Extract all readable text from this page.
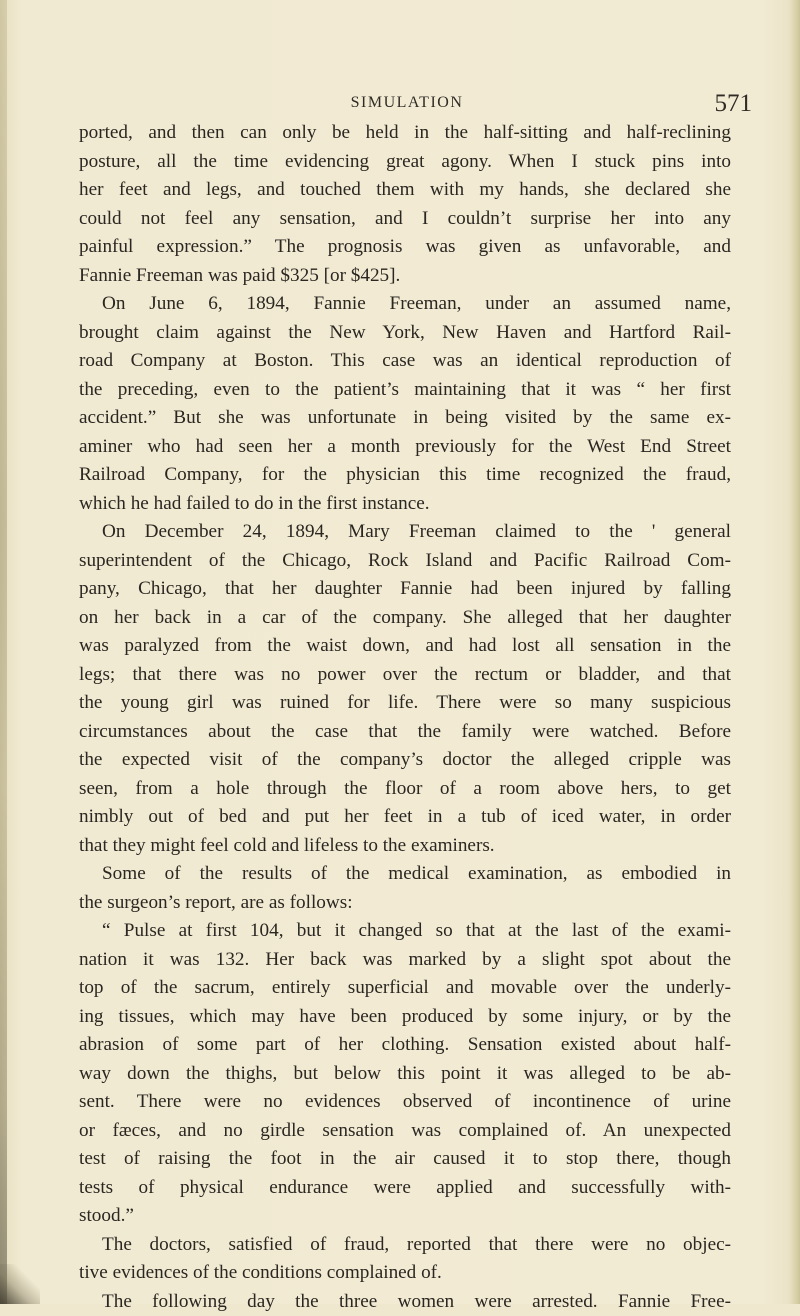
SIMULATION	571
ported, and then can only be held in the half-sitting and half-reclining
posture, all the time evidencing great agony. When I stuck pins into
her feet and legs, and touched them with my hands, she declared she
could not feel any sensation, and I couldn’t surprise her into any
painful expression.” The prognosis was given as unfavorable, and
Fannie Freeman was paid $325 [or $425].
On June 6, 1894, Fannie Freeman, under an assumed name,
brought claim against the New York, New Haven and Hartford Rail-
road Company at Boston. This case was an identical reproduction of
the preceding, even to the patient’s maintaining that it was “ her first
accident.” But she was unfortunate in being visited by the same ex-
aminer who had seen her a month previously for the West End Street
Railroad Company, for the physician this time recognized the fraud,
which he had failed to do in the first instance.
On December 24, 1894, Mary Freeman claimed to the ' general
superintendent of the Chicago, Rock Island and Pacific Railroad Com-
pany, Chicago, that her daughter Fannie had been injured by falling
on her back in a car of the company. She alleged that her daughter
was paralyzed from the waist down, and had lost all sensation in the
legs; that there was no power over the rectum or bladder, and that
the young girl was ruined for life. There were so many suspicious
circumstances about the case that the family were watched. Before
the expected visit of the company’s doctor the alleged cripple was
seen, from a hole through the floor of a room above hers, to get
nimbly out of bed and put her feet in a tub of iced water, in order
that they might feel cold and lifeless to the examiners.
Some of the results of the medical examination, as embodied in
the surgeon’s report, are as follows:
“ Pulse at first 104, but it changed so that at the last of the exami-
nation it was 132. Her back was marked by a slight spot about the
top of the sacrum, entirely superficial and movable over the underly-
ing tissues, which may have been produced by some injury, or by the
abrasion of some part of her clothing. Sensation existed about half-
way down the thighs, but below this point it was alleged to be ab-
sent. There were no evidences observed of incontinence of urine
or fæces, and no girdle sensation was complained of. An unexpected
test of raising the foot in the air caused it to stop there, though
tests of physical endurance were applied and successfully with-
stood.”
The doctors, satisfied of fraud, reported that there were no objec-
tive evidences of the conditions complained of.
The following day the three women were arrested. Fannie Free-
